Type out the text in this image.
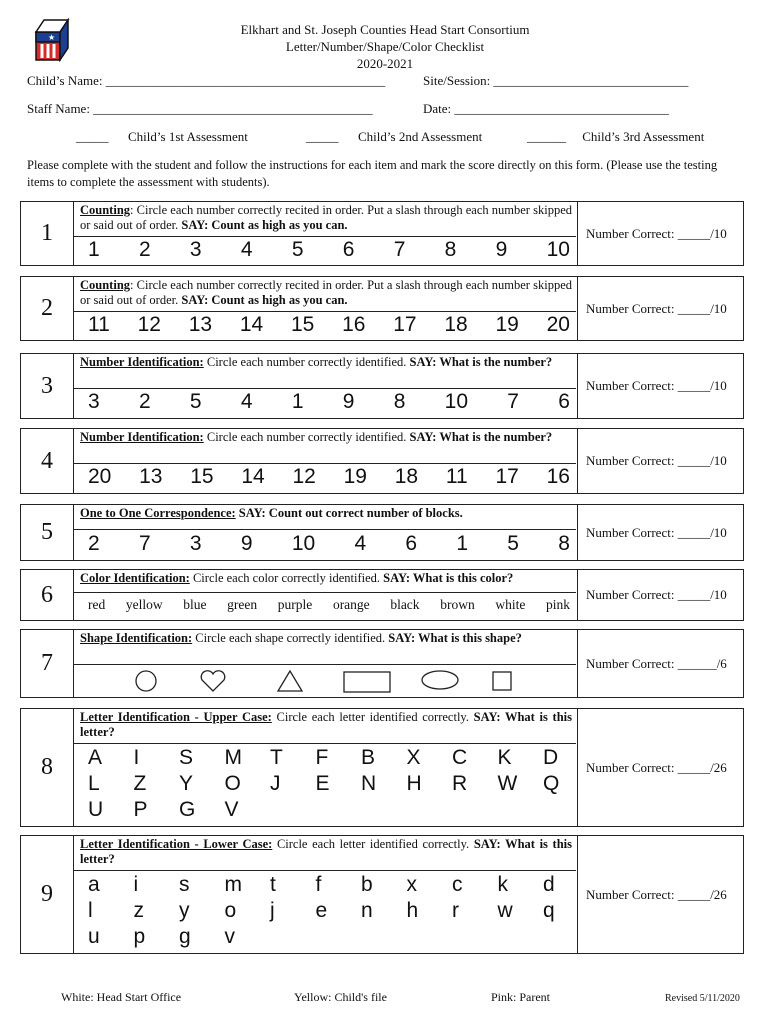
★
Elkhart and St. Joseph Counties Head Start Consortium
Letter/Number/Shape/Color Checklist
2020-2021
Child’s Name: ___________________________________________	Site/Session: ______________________________
Staff Name: ___________________________________________	Date: _________________________________
_____ Child’s 1st Assessment	_____ Child’s 2nd Assessment	______ Child’s 3rd Assessment
Please complete with the student and follow the instructions for each item and mark the score directly on this form. (Please use the testing items to complete the assessment with students).
1
Counting: Circle each number correctly recited in order. Put a slash through each number skipped or said out of order. SAY: Count as high as you can.
1 2 3 4 5 6 7 8 9 10
Number Correct: _____/10
2
Counting: Circle each number correctly recited in order. Put a slash through each number skipped or said out of order. SAY: Count as high as you can.
11 12 13 14 15 16 17 18 19 20
Number Correct: _____/10
3
Number Identification: Circle each number correctly identified. SAY: What is the number?
3 2 5 4 1 9 8 10 7 6
Number Correct: _____/10
4
Number Identification: Circle each number correctly identified. SAY: What is the number?
20 13 15 14 12 19 18 11 17 16
Number Correct: _____/10
5
One to One Correspondence: SAY: Count out correct number of blocks.
2 7 3 9 10 4 6 1 5 8	Number Correct: _____/10
6
Color Identification: Circle each color correctly identified. SAY: What is this color?
red yellow blue green purple orange black brown white pink
Number Correct: _____/10
7
Shape Identification: Circle each shape correctly identified. SAY: What is this shape?
Number Correct: ______/6
8
Letter Identification - Upper Case: Circle each letter identified correctly. SAY: What is this letter?
A	I	S	M	T	F	B	X	C	K	D
L	Z	Y	O	J	E	N	H	R	W	Q
U	P	G	V
Number Correct: _____/26
9
Letter Identification - Lower Case: Circle each letter identified correctly. SAY: What is this letter?
a	i	s	m	t	f	b	x	c	k	d
l	z	y	o	j	e	n	h	r	w	q
u	p	g	v
Number Correct: _____/26
White: Head Start Office	Yellow: Child's file	Pink: Parent	Revised 5/11/2020
